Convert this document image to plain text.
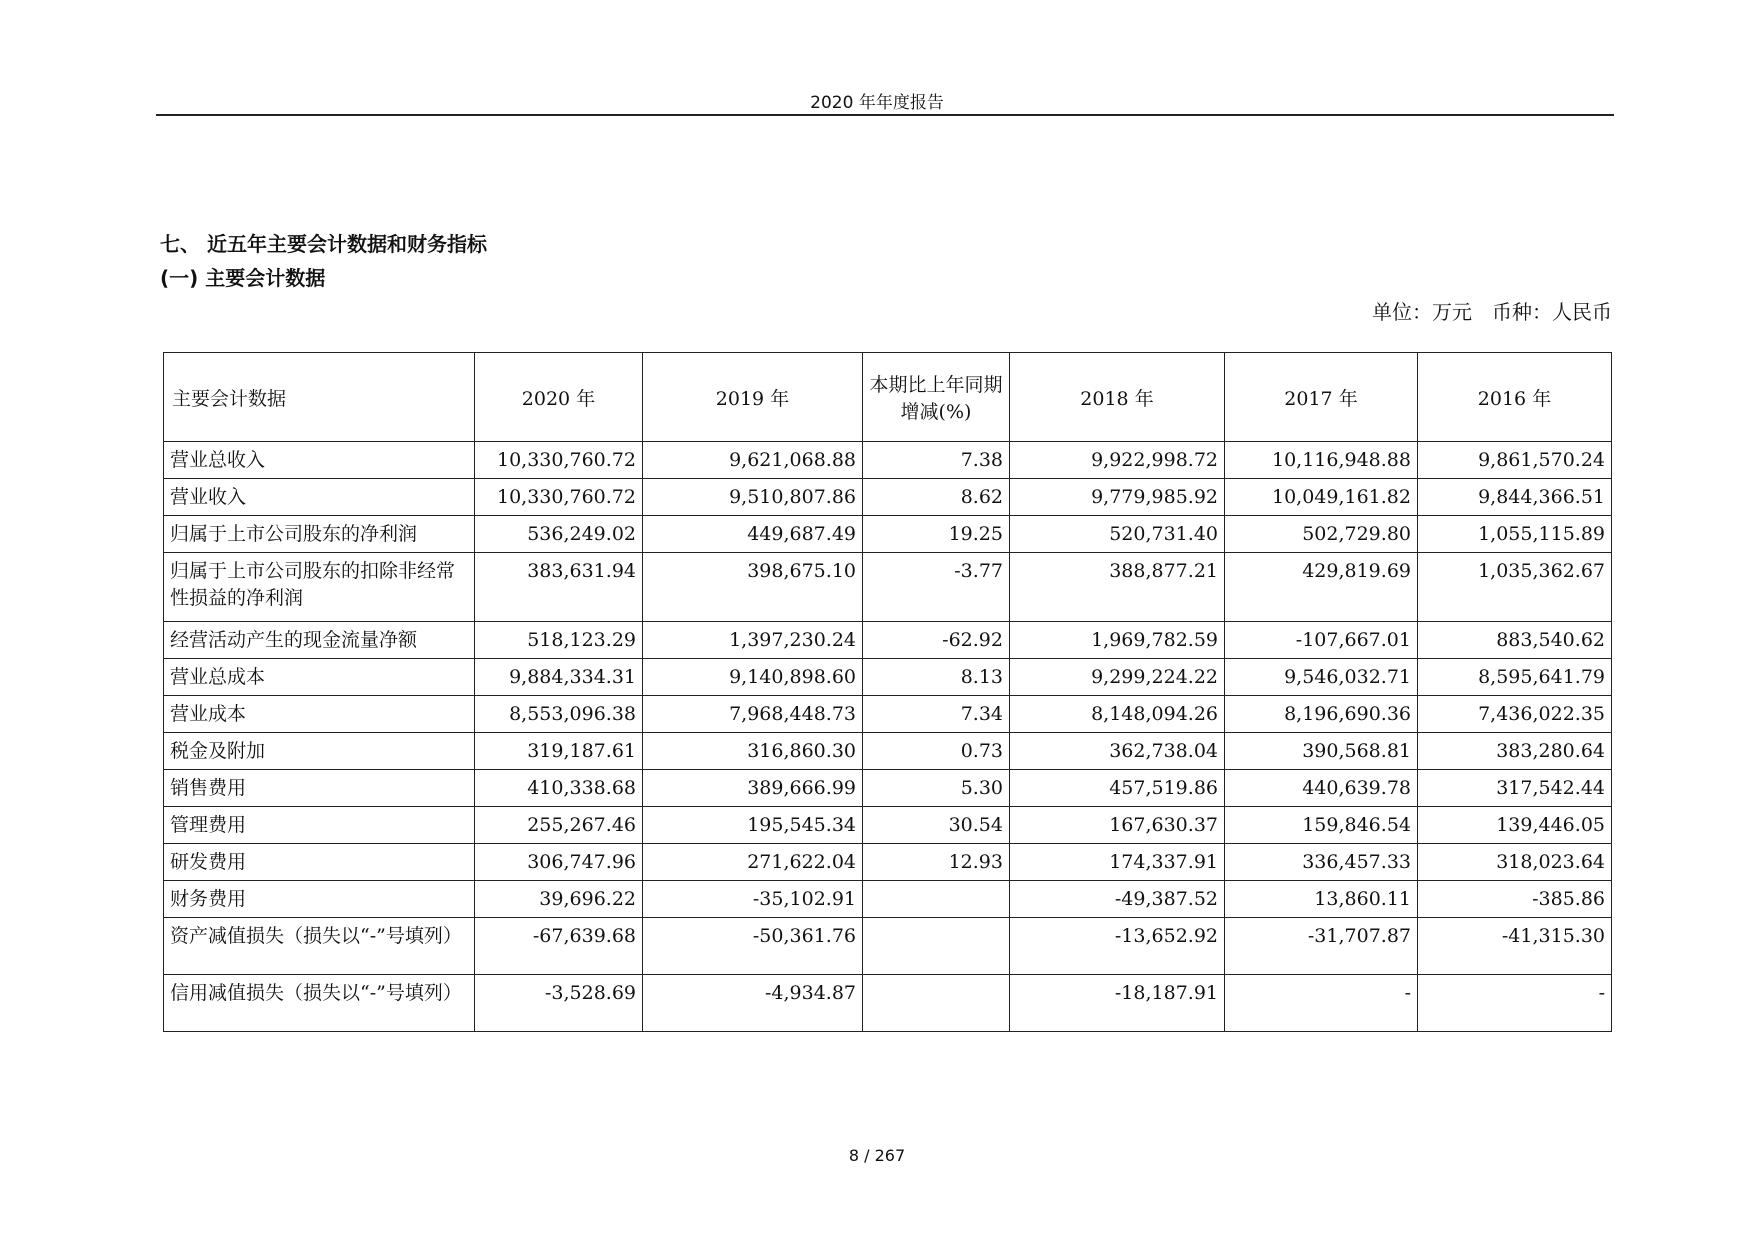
2020 年年度报告
七、 近五年主要会计数据和财务指标
(一) 主要会计数据
单位：万元　币种：人民币
主要会计数据	2020 年	2019 年	本期比上年同期增减(%)	2018 年	2017 年	2016 年
营业总收入	10,330,760.72	9,621,068.88	7.38	9,922,998.72	10,116,948.88	9,861,570.24
营业收入	10,330,760.72	9,510,807.86	8.62	9,779,985.92	10,049,161.82	9,844,366.51
归属于上市公司股东的净利润	536,249.02	449,687.49	19.25	520,731.40	502,729.80	1,055,115.89
归属于上市公司股东的扣除非经常性损益的净利润	383,631.94	398,675.10	-3.77	388,877.21	429,819.69	1,035,362.67
经营活动产生的现金流量净额	518,123.29	1,397,230.24	-62.92	1,969,782.59	-107,667.01	883,540.62
营业总成本	9,884,334.31	9,140,898.60	8.13	9,299,224.22	9,546,032.71	8,595,641.79
营业成本	8,553,096.38	7,968,448.73	7.34	8,148,094.26	8,196,690.36	7,436,022.35
税金及附加	319,187.61	316,860.30	0.73	362,738.04	390,568.81	383,280.64
销售费用	410,338.68	389,666.99	5.30	457,519.86	440,639.78	317,542.44
管理费用	255,267.46	195,545.34	30.54	167,630.37	159,846.54	139,446.05
研发费用	306,747.96	271,622.04	12.93	174,337.91	336,457.33	318,023.64
财务费用	39,696.22	-35,102.91		-49,387.52	13,860.11	-385.86
资产减值损失（损失以“-”号填列）	-67,639.68	-50,361.76		-13,652.92	-31,707.87	-41,315.30
信用减值损失（损失以“-”号填列）	-3,528.69	-4,934.87		-18,187.91	-	-
8 / 267
